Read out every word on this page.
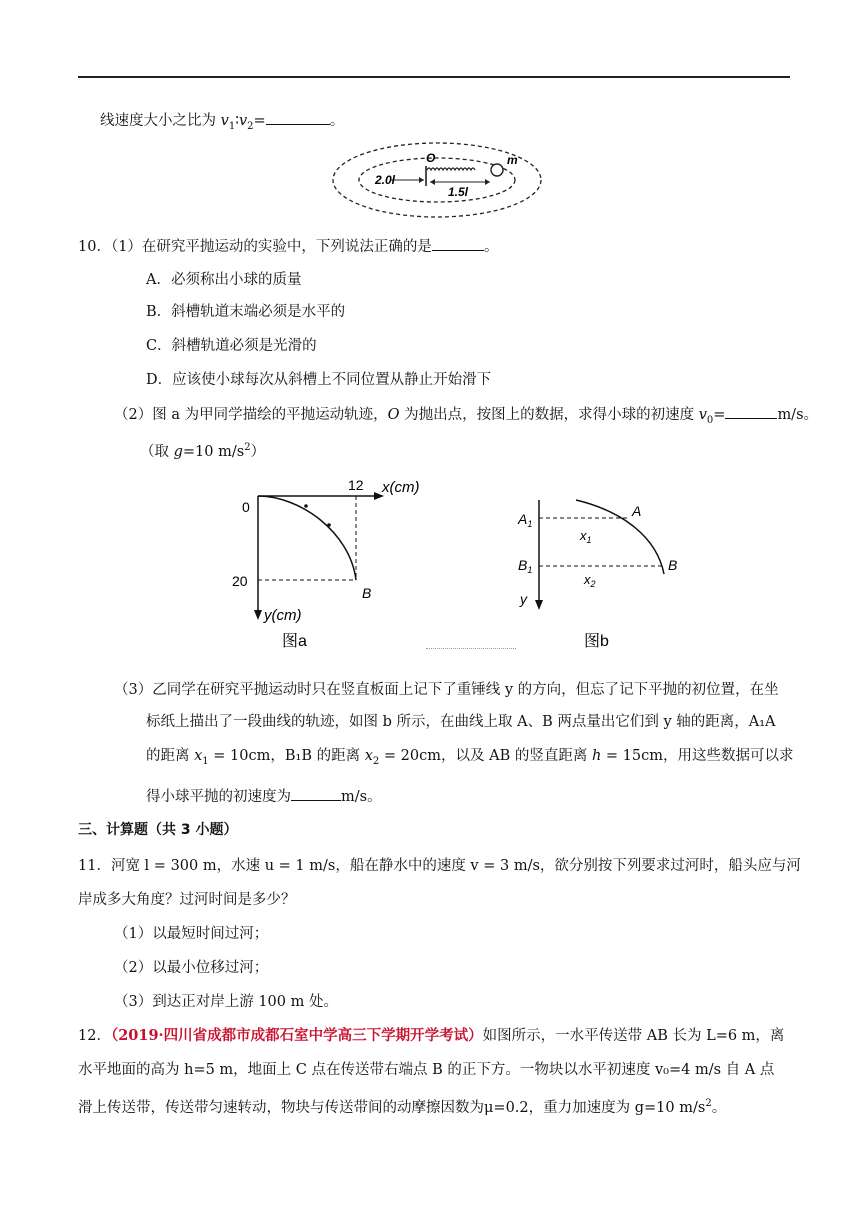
线速度大小之比为 $v_1∶v_2=$	。
2.0l
O
1.5l
m
10．（1）在研究平抛运动的实验中，下列说法正确的是	。
A．必须称出小球的质量
B．斜槽轨道末端必须是水平的
C．斜槽轨道必须是光滑的
D．应该使小球每次从斜槽上不同位置从静止开始滑下
（2）图 a 为甲同学描绘的平抛运动轨迹，O 为抛出点，按图上的数据，求得小球的初速度 $v_0=$	m/s。
（取 g=10 $m/s^2$）
0
12 x(cm)
20
B
y(cm)
图a
$A_1$
A
$x_1$
$B_1$
$x_2$
B
y
图b
（3）乙同学在研究平抛运动时只在竖直板面上记下了重锤线 y 的方向，但忘了记下平抛的初位置，在坐
标纸上描出了一段曲线的轨迹，如图 b 所示，在曲线上取 A、B 两点量出它们到 y 轴的距离，A₁A
的距离 $x_1 = 10cm$，B₁B 的距离 $x_2 = 20cm$，以及 AB 的竖直距离 h = 15cm，用这些数据可以求
得小球平抛的初速度为	m/s。
三、计算题（共 3 小题）
11．河宽 l = 300 m，水速 u = 1 m/s，船在静水中的速度 v = 3 m/s，欲分别按下列要求过河时，船头应与河
岸成多大角度？过河时间是多少？
（1）以最短时间过河；
（2）以最小位移过河；
（3）到达正对岸上游 100 m 处。
12．（2019·四川省成都市成都石室中学高三下学期开学考试）如图所示，一水平传送带 AB 长为 L=6 m，离
水平地面的高为 h=5 m，地面上 C 点在传送带右端点 B 的正下方。一物块以水平初速度 v₀=4 m/s 自 A 点
滑上传送带，传送带匀速转动，物块与传送带间的动摩擦因数为μ=0.2，重力加速度为 g=10 $m/s^2$。
